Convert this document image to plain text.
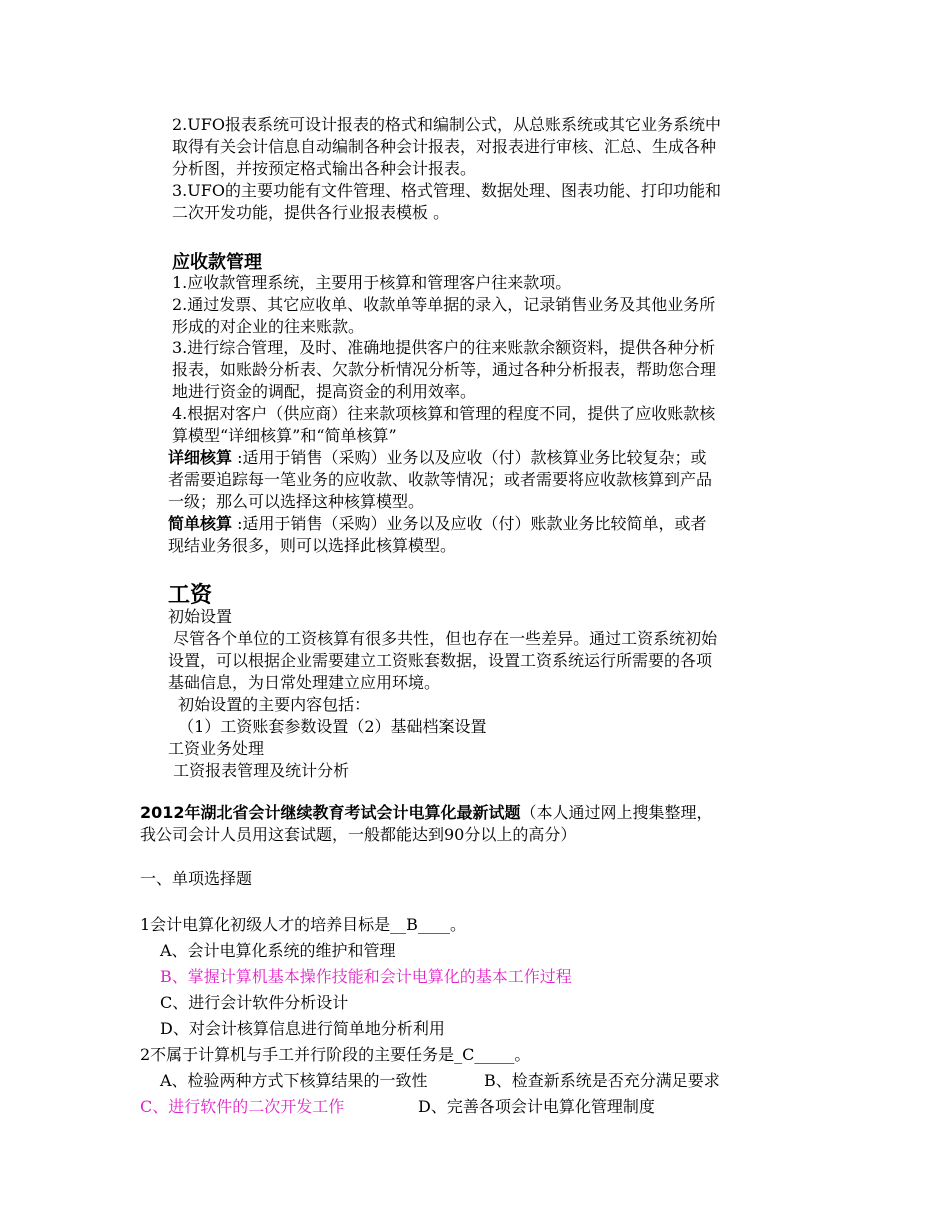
2.UFO报表系统可设计报表的格式和编制公式，从总账系统或其它业务系统中
取得有关会计信息自动编制各种会计报表，对报表进行审核、汇总、生成各种
分析图，并按预定格式输出各种会计报表。
3.UFO的主要功能有文件管理、格式管理、数据处理、图表功能、打印功能和
二次开发功能，提供各行业报表模板 。
应收款管理
1.应收款管理系统，主要用于核算和管理客户往来款项。
2.通过发票、其它应收单、收款单等单据的录入，记录销售业务及其他业务所
形成的对企业的往来账款。
3.进行综合管理，及时、准确地提供客户的往来账款余额资料，提供各种分析
报表，如账龄分析表、欠款分析情况分析等，通过各种分析报表，帮助您合理
地进行资金的调配，提高资金的利用效率。
4.根据对客户（供应商）往来款项核算和管理的程度不同，提供了应收账款核
算模型“详细核算”和“简单核算”
详细核算 :适用于销售（采购）业务以及应收（付）款核算业务比较复杂；或
者需要追踪每一笔业务的应收款、收款等情况；或者需要将应收款核算到产品
一级；那么可以选择这种核算模型。
简单核算 :适用于销售（采购）业务以及应收（付）账款业务比较简单，或者
现结业务很多，则可以选择此核算模型。
工资
初始设置
尽管各个单位的工资核算有很多共性，但也存在一些差异。通过工资系统初始
设置，可以根据企业需要建立工资账套数据，设置工资系统运行所需要的各项
基础信息，为日常处理建立应用环境。
初始设置的主要内容包括：
（1）工资账套参数设置（2）基础档案设置
工资业务处理
工资报表管理及统计分析
2012年湖北省会计继续教育考试会计电算化最新试题（本人通过网上搜集整理，
我公司会计人员用这套试题，一般都能达到90分以上的高分）
一、单项选择题
1会计电算化初级人才的培养目标是__B____。
A、会计电算化系统的维护和管理
B、掌握计算机基本操作技能和会计电算化的基本工作过程
C、进行会计软件分析设计
D、对会计核算信息进行简单地分析利用
2不属于计算机与手工并行阶段的主要任务是_C_____。
A、检验两种方式下核算结果的一致性	B、检查新系统是否充分满足要求
C、进行软件的二次开发工作	D、完善各项会计电算化管理制度
